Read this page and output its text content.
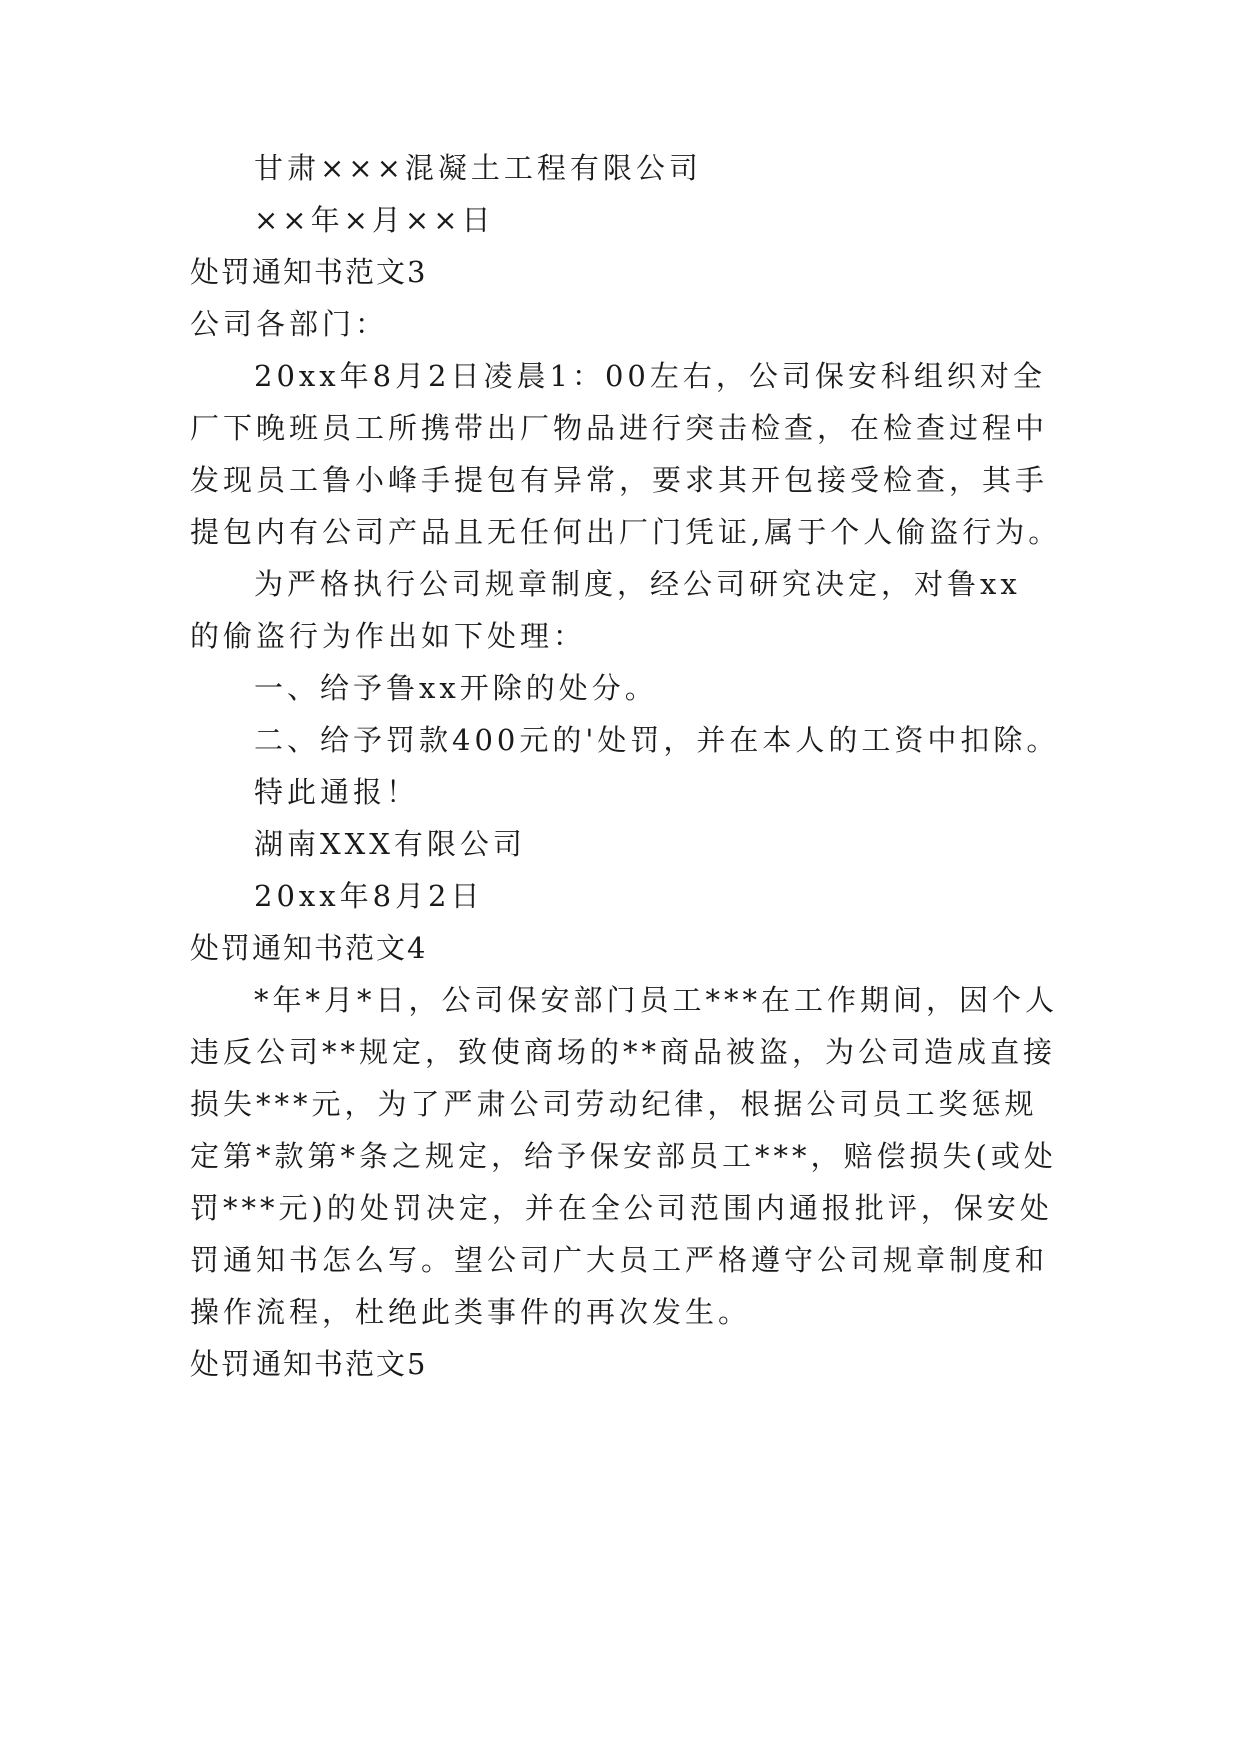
甘肃×××混凝土工程有限公司
××年×月××日
处罚通知书范文3
公司各部门：
20xx年8月2日凌晨1：00左右，公司保安科组织对全
厂下晚班员工所携带出厂物品进行突击检查，在检查过程中
发现员工鲁小峰手提包有异常，要求其开包接受检查，其手
提包内有公司产品且无任何出厂门凭证,属于个人偷盗行为。
为严格执行公司规章制度，经公司研究决定，对鲁xx
的偷盗行为作出如下处理：
一、给予鲁xx开除的处分。
二、给予罚款400元的'处罚，并在本人的工资中扣除。
特此通报！
湖南XXX有限公司
20xx年8月2日
处罚通知书范文4
*年*月*日，公司保安部门员工***在工作期间，因个人
违反公司**规定，致使商场的**商品被盗，为公司造成直接
损失***元，为了严肃公司劳动纪律，根据公司员工奖惩规
定第*款第*条之规定，给予保安部员工***，赔偿损失(或处
罚***元)的处罚决定，并在全公司范围内通报批评，保安处
罚通知书怎么写。望公司广大员工严格遵守公司规章制度和
操作流程，杜绝此类事件的再次发生。
处罚通知书范文5
